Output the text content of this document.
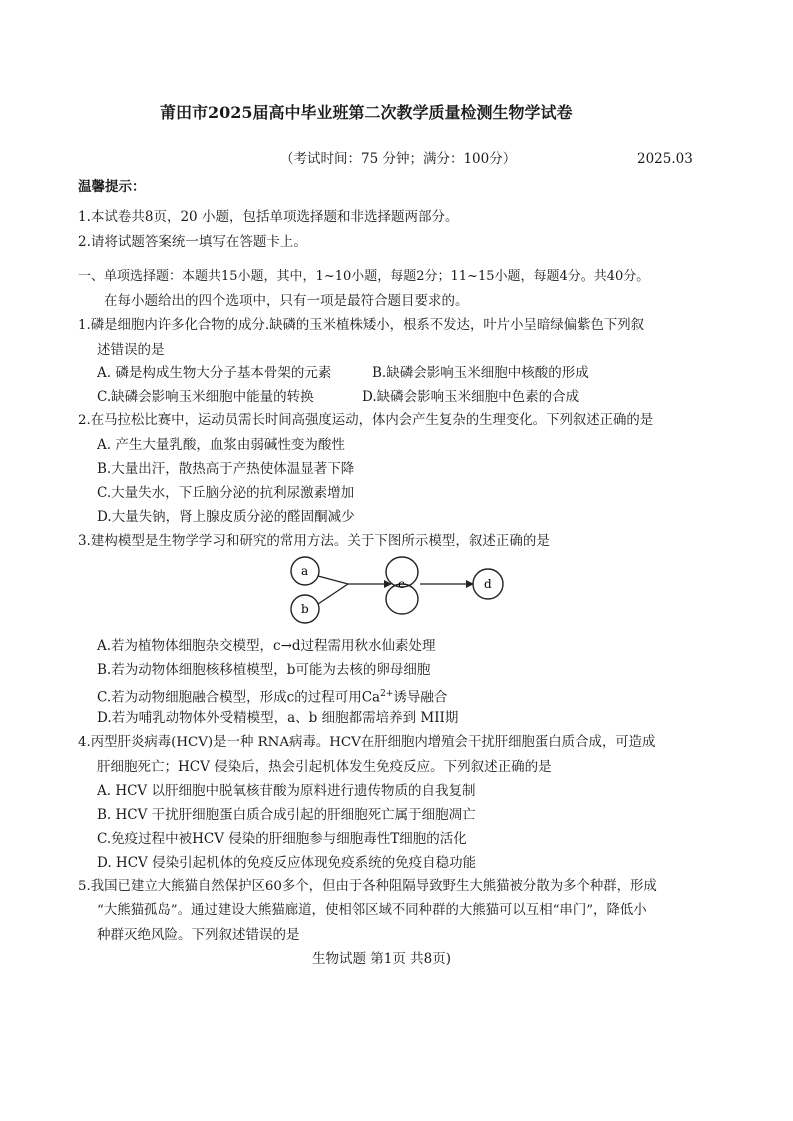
莆田市2025届高中毕业班第二次教学质量检测生物学试卷
（考试时间：75 分钟；满分：100分）	2025.03
温馨提示：
1.本试卷共8页，20 小题，包括单项选择题和非选择题两部分。
2.请将试题答案统一填写在答题卡上。
一、单项选择题：本题共15小题，其中，1~10小题，每题2分；11~15小题，每题4分。共40分。
在每小题给出的四个选项中，只有一项是最符合题目要求的。
1.磷是细胞内许多化合物的成分.缺磷的玉米植株矮小，根系不发达，叶片小呈暗绿偏紫色下列叙
述错误的是
A. 磷是构成生物大分子基本骨架的元素	B.缺磷会影响玉米细胞中核酸的形成
C.缺磷会影响玉米细胞中能量的转换	D.缺磷会影响玉米细胞中色素的合成
2.在马拉松比赛中，运动员需长时间高强度运动，体内会产生复杂的生理变化。下列叙述正确的是
A. 产生大量乳酸，血浆由弱碱性变为酸性
B.大量出汗，散热高于产热使体温显著下降
C.大量失水，下丘脑分泌的抗利尿激素增加
D.大量失钠，肾上腺皮质分泌的醛固酮减少
3.建构模型是生物学学习和研究的常用方法。关于下图所示模型，叙述正确的是
a
b
c	d
A.若为植物体细胞杂交模型，c→d过程需用秋水仙素处理
B.若为动物体细胞核移植模型，b可能为去核的卵母细胞
C.若为动物细胞融合模型，形成c的过程可用$Ca^{2+}$诱导融合
D.若为哺乳动物体外受精模型，a、b 细胞都需培养到 MII期
4.丙型肝炎病毒(HCV)是一种 RNA病毒。HCV在肝细胞内增殖会干扰肝细胞蛋白质合成，可造成
肝细胞死亡；HCV 侵染后，热会引起机体发生免疫反应。下列叙述正确的是
A. HCV 以肝细胞中脱氧核苷酸为原料进行遗传物质的自我复制
B. HCV 干扰肝细胞蛋白质合成引起的肝细胞死亡属于细胞凋亡
C.免疫过程中被HCV 侵染的肝细胞参与细胞毒性T细胞的活化
D. HCV 侵染引起机体的免疫反应体现免疫系统的免疫自稳功能
5.我国已建立大熊猫自然保护区60多个，但由于各种阻隔导致野生大熊猫被分散为多个种群，形成
“大熊猫孤岛”。通过建设大熊猫廊道，使相邻区域不同种群的大熊猫可以互相“串门”，降低小
种群灭绝风险。下列叙述错误的是
生物试题 第1页 共8页)
